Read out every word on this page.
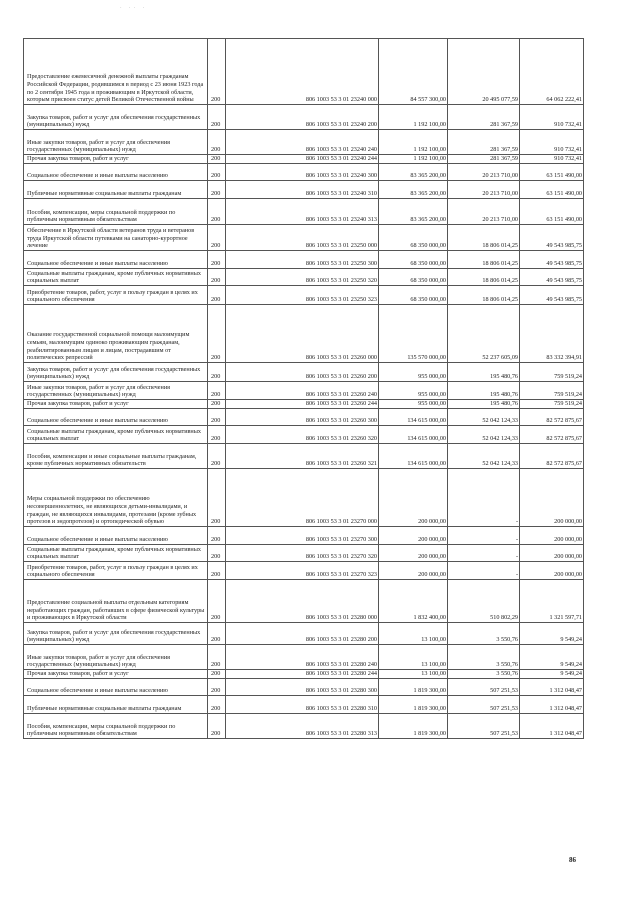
· ·· ·
Предоставление ежемесячной денежной выплаты гражданам Российской Федерации, родившимся в период с 23 июня 1923 года по 2 сентября 1945 года и проживающим в Иркутской области, которым присвоен статус детей Великой Отечественной войны	200	806 1003 53 3 01 23240 000	84 557 300,00	20 495 077,59	64 062 222,41
Закупка товаров, работ и услуг для обеспечения государственных (муниципальных) нужд	200	806 1003 53 3 01 23240 200	1 192 100,00	281 367,59	910 732,41
Иные закупки товаров, работ и услуг для обеспечения государственных (муниципальных) нужд	200	806 1003 53 3 01 23240 240	1 192 100,00	281 367,59	910 732,41
Прочая закупка товаров, работ и услуг	200	806 1003 53 3 01 23240 244	1 192 100,00	281 367,59	910 732,41
Социальное обеспечение и иные выплаты населению	200	806 1003 53 3 01 23240 300	83 365 200,00	20 213 710,00	63 151 490,00
Публичные нормативные социальные выплаты гражданам	200	806 1003 53 3 01 23240 310	83 365 200,00	20 213 710,00	63 151 490,00
Пособия, компенсации, меры социальной поддержки по публичным нормативным обязательствам	200	806 1003 53 3 01 23240 313	83 365 200,00	20 213 710,00	63 151 490,00
Обеспечение в Иркутской области ветеранов труда и ветеранов труда Иркутской области путевками на санаторно-курортное лечение	200	806 1003 53 3 01 23250 000	68 350 000,00	18 806 014,25	49 543 985,75
Социальное обеспечение и иные выплаты населению	200	806 1003 53 3 01 23250 300	68 350 000,00	18 806 014,25	49 543 985,75
Социальные выплаты гражданам, кроме публичных нормативных социальных выплат	200	806 1003 53 3 01 23250 320	68 350 000,00	18 806 014,25	49 543 985,75
Приобретение товаров, работ, услуг в пользу граждан в целях их социального обеспечения	200	806 1003 53 3 01 23250 323	68 350 000,00	18 806 014,25	49 543 985,75
Оказание государственной социальной помощи малоимущим семьям, малоимущим одиноко проживающим гражданам, реабилитированным лицам и лицам, пострадавшим от политических репрессий	200	806 1003 53 3 01 23260 000	135 570 000,00	52 237 605,09	83 332 394,91
Закупка товаров, работ и услуг для обеспечения государственных (муниципальных) нужд	200	806 1003 53 3 01 23260 200	955 000,00	195 480,76	759 519,24
Иные закупки товаров, работ и услуг для обеспечения государственных (муниципальных) нужд	200	806 1003 53 3 01 23260 240	955 000,00	195 480,76	759 519,24
Прочая закупка товаров, работ и услуг	200	806 1003 53 3 01 23260 244	955 000,00	195 480,76	759 519,24
Социальное обеспечение и иные выплаты населению	200	806 1003 53 3 01 23260 300	134 615 000,00	52 042 124,33	82 572 875,67
Социальные выплаты гражданам, кроме публичных нормативных социальных выплат	200	806 1003 53 3 01 23260 320	134 615 000,00	52 042 124,33	82 572 875,67
Пособия, компенсации и иные социальные выплаты гражданам, кроме публичных нормативных обязательств	200	806 1003 53 3 01 23260 321	134 615 000,00	52 042 124,33	82 572 875,67
Меры социальной поддержки по обеспечению несовершеннолетних, не являющихся детьми-инвалидами, и граждан, не являющихся инвалидами, протезами (кроме зубных протезов и эндопротезов) и ортопедической обувью	200	806 1003 53 3 01 23270 000	200 000,00	-	200 000,00
Социальное обеспечение и иные выплаты населению	200	806 1003 53 3 01 23270 300	200 000,00	-	200 000,00
Социальные выплаты гражданам, кроме публичных нормативных социальных выплат	200	806 1003 53 3 01 23270 320	200 000,00	-	200 000,00
Приобретение товаров, работ, услуг в пользу граждан в целях их социального обеспечения	200	806 1003 53 3 01 23270 323	200 000,00	-	200 000,00
Предоставление социальной выплаты отдельным категориям неработающих граждан, работавших в сфере физической культуры и проживающих в Иркутской области	200	806 1003 53 3 01 23280 000	1 832 400,00	510 802,29	1 321 597,71
Закупка товаров, работ и услуг для обеспечения государственных (муниципальных) нужд	200	806 1003 53 3 01 23280 200	13 100,00	3 550,76	9 549,24
Иные закупки товаров, работ и услуг для обеспечения государственных (муниципальных) нужд	200	806 1003 53 3 01 23280 240	13 100,00	3 550,76	9 549,24
Прочая закупка товаров, работ и услуг	200	806 1003 53 3 01 23280 244	13 100,00	3 550,76	9 549,24
Социальное обеспечение и иные выплаты населению	200	806 1003 53 3 01 23280 300	1 819 300,00	507 251,53	1 312 048,47
Публичные нормативные социальные выплаты гражданам	200	806 1003 53 3 01 23280 310	1 819 300,00	507 251,53	1 312 048,47
Пособия, компенсации, меры социальной поддержки по публичным нормативным обязательствам	200	806 1003 53 3 01 23280 313	1 819 300,00	507 251,53	1 312 048,47
86
